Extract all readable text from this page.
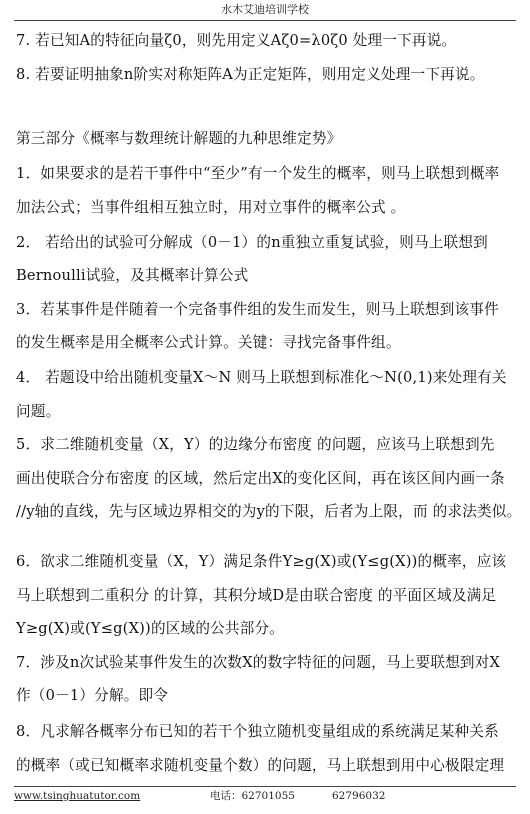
水木艾迪培训学校
7. 若已知A的特征向量ζ0，则先用定义Aζ0=λ0ζ0 处理一下再说。
8. 若要证明抽象n阶实对称矩阵A为正定矩阵，则用定义处理一下再说。
第三部分《概率与数理统计解题的九种思维定势》
1．如果要求的是若干事件中“至少”有一个发生的概率，则马上联想到概率
加法公式；当事件组相互独立时，用对立事件的概率公式 。
2． 若给出的试验可分解成（0－1）的n重独立重复试验，则马上联想到
Bernoulli试验，及其概率计算公式
3．若某事件是伴随着一个完备事件组的发生而发生，则马上联想到该事件
的发生概率是用全概率公式计算。关键：寻找完备事件组。
4． 若题设中给出随机变量X～N 则马上联想到标准化～N(0,1)来处理有关
问题。
5．求二维随机变量（X，Y）的边缘分布密度 的问题，应该马上联想到先
画出使联合分布密度 的区域，然后定出X的变化区间，再在该区间内画一条
//y轴的直线，先与区域边界相交的为y的下限，后者为上限，而 的求法类似。
6．欲求二维随机变量（X，Y）满足条件Y≥g(X)或(Y≤g(X))的概率，应该
马上联想到二重积分 的计算，其积分域D是由联合密度 的平面区域及满足
Y≥g(X)或(Y≤g(X))的区域的公共部分。
7．涉及n次试验某事件发生的次数X的数字特征的问题，马上要联想到对X
作（0－1）分解。即令
8．凡求解各概率分布已知的若干个独立随机变量组成的系统满足某种关系
的概率（或已知概率求随机变量个数）的问题，马上联想到用中心极限定理
www.tsinghuatutor.com	电话：62701055	62796032
